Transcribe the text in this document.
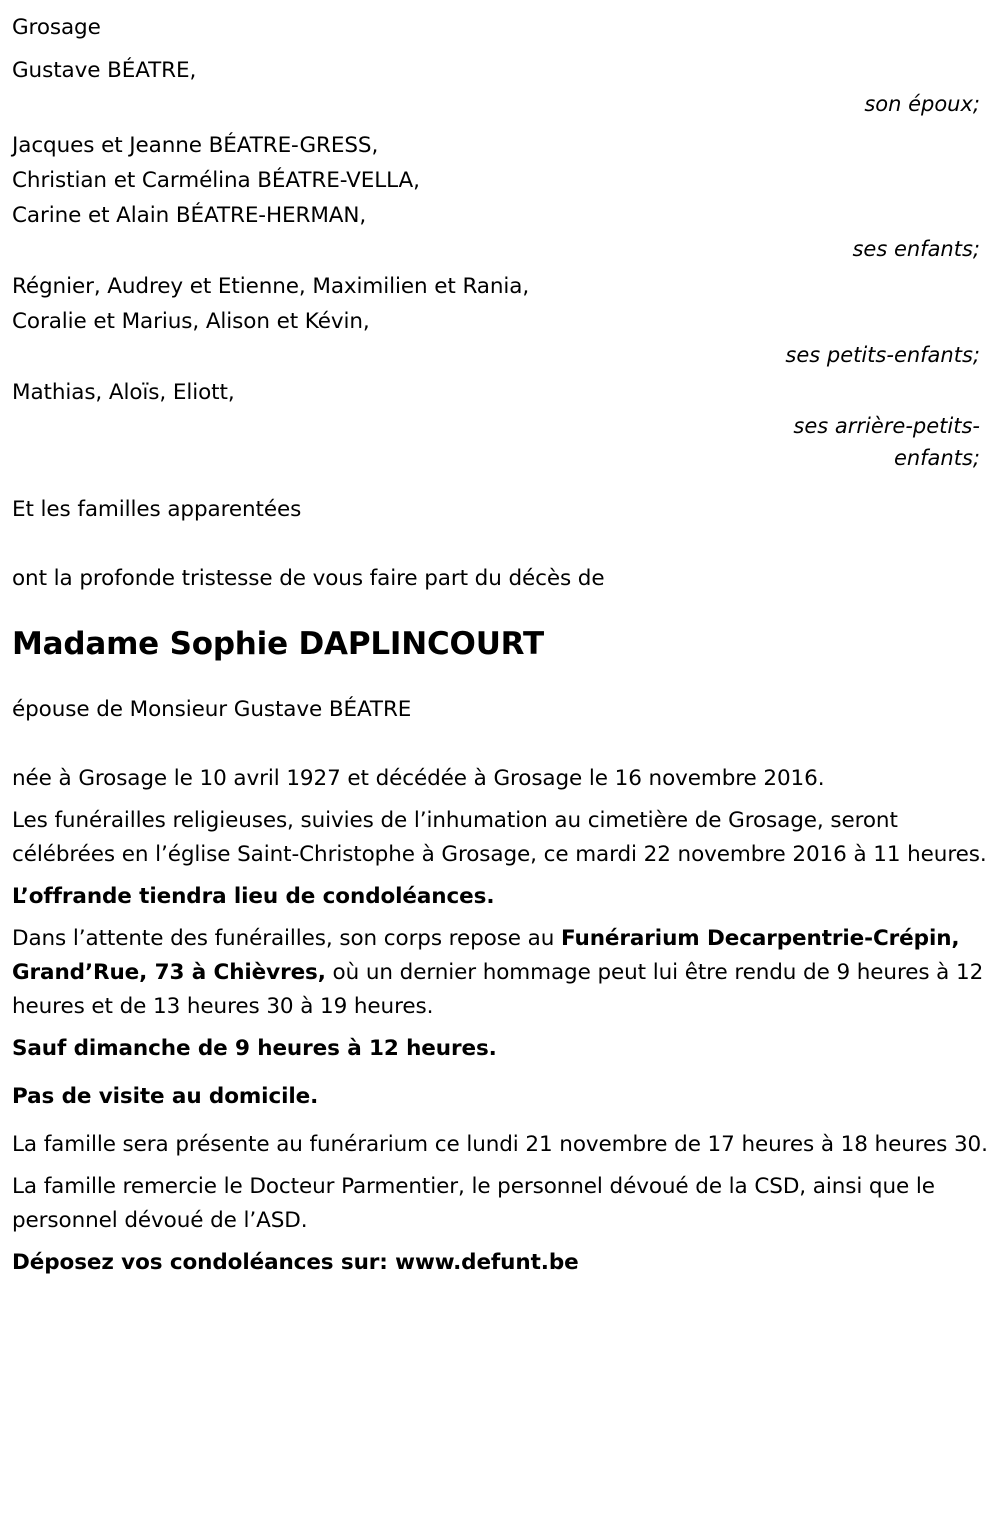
Grosage
Gustave BÉATRE,
son époux;
Jacques et Jeanne BÉATRE-GRESS,
Christian et Carmélina BÉATRE-VELLA,
Carine et Alain BÉATRE-HERMAN,
ses enfants;
Régnier, Audrey et Etienne, Maximilien et Rania,
Coralie et Marius, Alison et Kévin,
ses petits-enfants;
Mathias, Aloïs, Eliott,
ses arrière-petits-
enfants;
Et les familles apparentées
ont la profonde tristesse de vous faire part du décès de
Madame Sophie DAPLINCOURT
épouse de Monsieur Gustave BÉATRE
née à Grosage le 10 avril 1927 et décédée à Grosage le 16 novembre 2016.
Les funérailles religieuses, suivies de l’inhumation au cimetière de Grosage, seront célébrées en l’église Saint-Christophe à Grosage, ce mardi 22 novembre 2016 à 11 heures.
L’offrande tiendra lieu de condoléances.
Dans l’attente des funérailles, son corps repose au Funérarium Decarpentrie-Crépin, Grand’Rue, 73 à Chièvres, où un dernier hommage peut lui être rendu de 9 heures à 12 heures et de 13 heures 30 à 19 heures.
Sauf dimanche de 9 heures à 12 heures.
Pas de visite au domicile.
La famille sera présente au funérarium ce lundi 21 novembre de 17 heures à 18 heures 30.
La famille remercie le Docteur Parmentier, le personnel dévoué de la CSD, ainsi que le personnel dévoué de l’ASD.
Déposez vos condoléances sur: www.defunt.be
